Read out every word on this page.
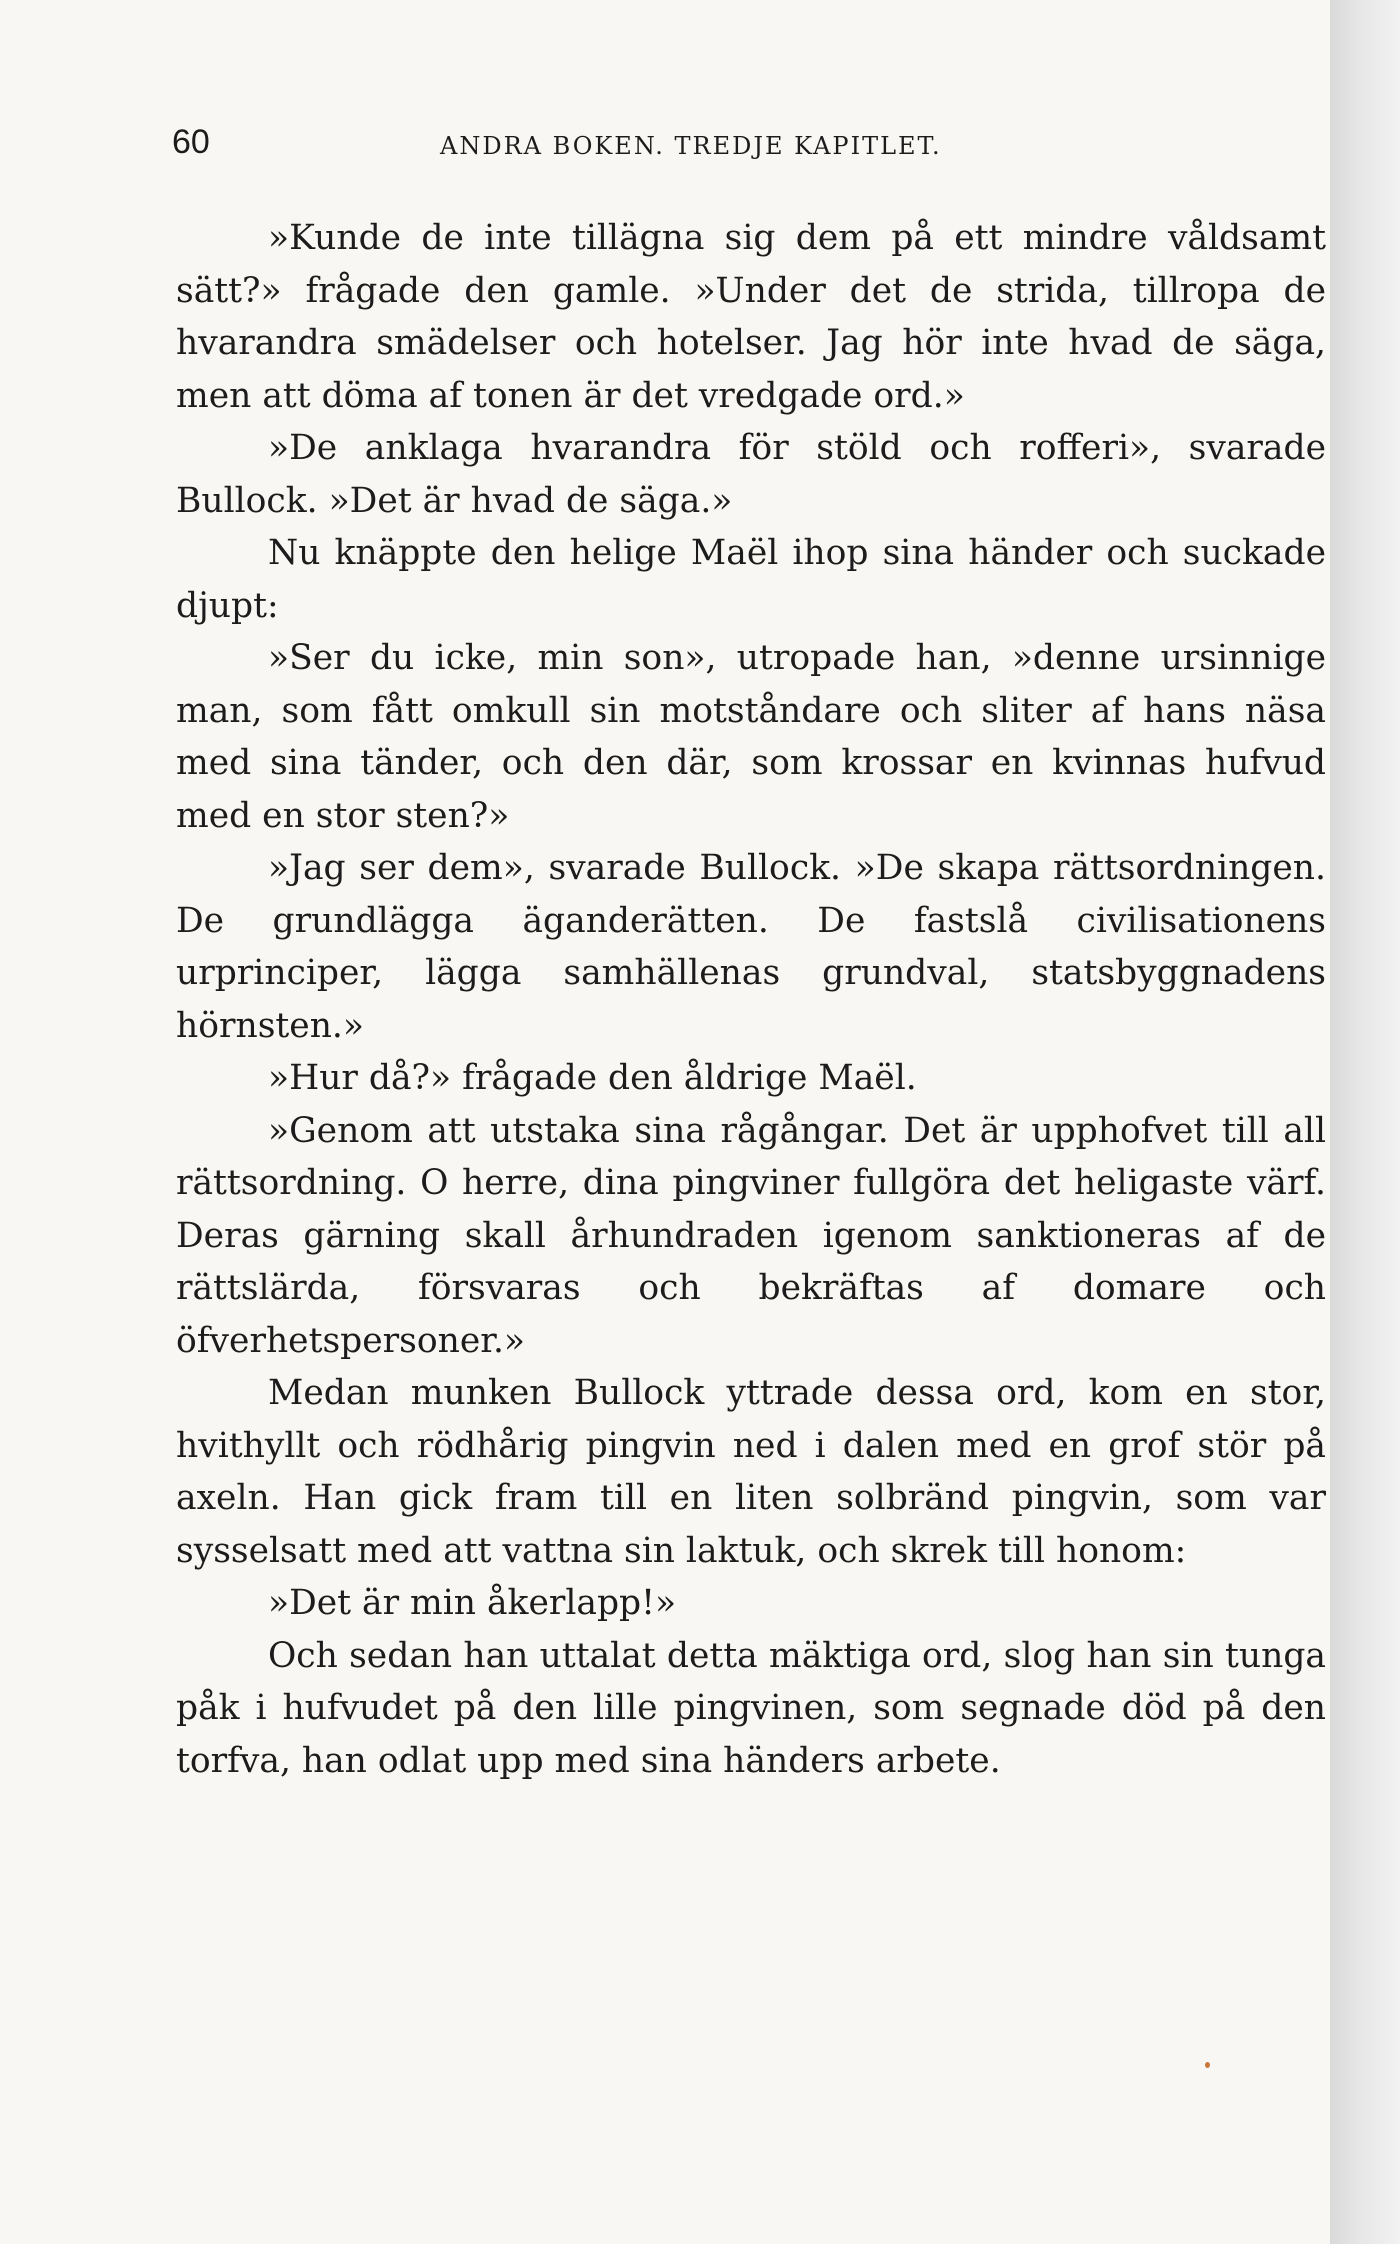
60	ANDRA BOKEN. TREDJE KAPITLET.

»Kunde de inte tillägna sig dem på ett mindre våldsamt sätt?» frågade den gamle. »Under det de strida, tillropa de hvarandra smädelser och hotelser. Jag hör inte hvad de säga, men att döma af tonen är det vredgade ord.»

»De anklaga hvarandra för stöld och rofferi», svarade Bullock. »Det är hvad de säga.»

Nu knäppte den helige Maël ihop sina händer och suckade djupt:

»Ser du icke, min son», utropade han, »denne ursinnige man, som fått omkull sin motståndare och sliter af hans näsa med sina tänder, och den där, som krossar en kvinnas hufvud med en stor sten?»

»Jag ser dem», svarade Bullock. »De skapa rättsordningen. De grundlägga äganderätten. De fastslå civilisationens urprinciper, lägga samhällenas grundval, statsbyggnadens hörnsten.»

»Hur då?» frågade den åldrige Maël.

»Genom att utstaka sina rågångar. Det är upphofvet till all rättsordning. O herre, dina pingviner fullgöra det heligaste värf. Deras gärning skall århundraden igenom sanktioneras af de rättslärda, försvaras och bekräftas af domare och öfverhetspersoner.»

Medan munken Bullock yttrade dessa ord, kom en stor, hvithyllt och rödhårig pingvin ned i dalen med en grof stör på axeln. Han gick fram till en liten solbränd pingvin, som var sysselsatt med att vattna sin laktuk, och skrek till honom:

»Det är min åkerlapp!»

Och sedan han uttalat detta mäktiga ord, slog han sin tunga påk i hufvudet på den lille pingvinen, som segnade död på den torfva, han odlat upp med sina händers arbete.
